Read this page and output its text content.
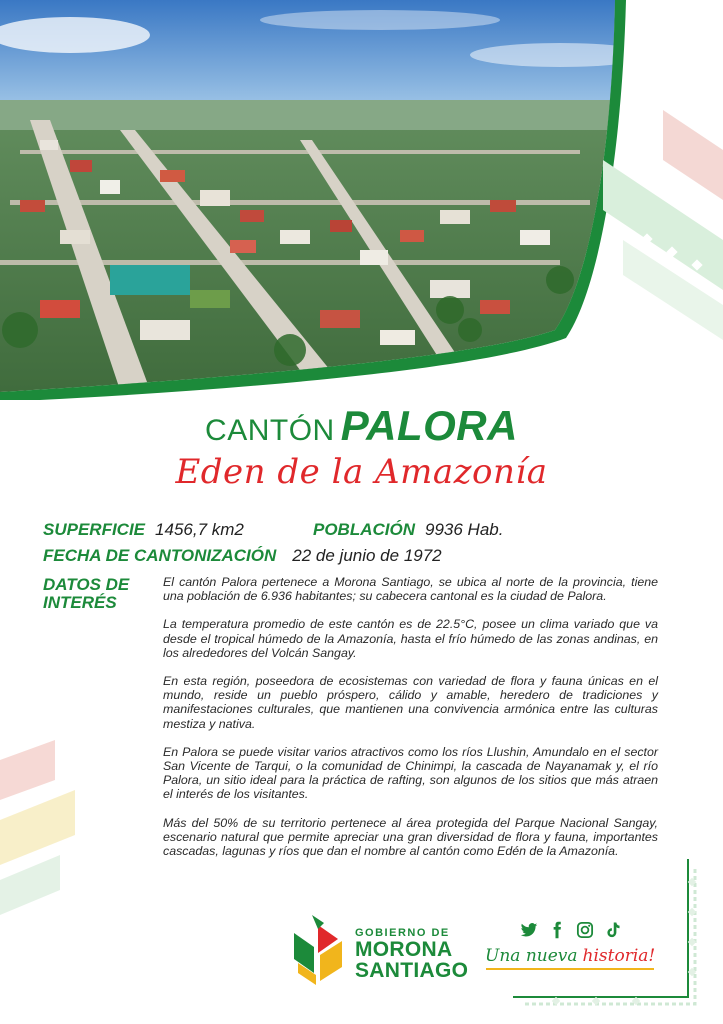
CANTÓN PALORA
Eden de la Amazonía
SUPERFICIE 1456,7 km2	POBLACIÓN 9936 Hab.
FECHA DE CANTONIZACIÓN 22 de junio de 1972
DATOS DE INTERÉS

El cantón Palora pertenece a Morona Santiago, se ubica al norte de la provincia, tiene una población de 6.936 habitantes; su cabecera cantonal es la ciudad de Palora.

La temperatura promedio de este cantón es de 22.5°C, posee un clima variado que va desde el tropical húmedo de la Amazonía, hasta el frío húmedo de las zonas andinas, en los alrededores del Volcán Sangay.

En esta región, poseedora de ecosistemas con variedad de flora y fauna únicas en el mundo, reside un pueblo próspero, cálido y amable, heredero de tradiciones y manifestaciones culturales, que mantienen una convivencia armónica entre las culturas mestiza y nativa.

En Palora se puede visitar varios atractivos como los ríos Llushin, Amundalo en el sector San Vicente de Tarqui, o la comunidad de Chinimpi, la cascada de Nayanamak y, el río Palora, un sitio ideal para la práctica de rafting, son algunos de los sitios que más atraen el interés de los visitantes.

Más del 50% de su territorio pertenece al área protegida del Parque Nacional Sangay, escenario natural que permite apreciar una gran diversidad de flora y fauna, importantes cascadas, lagunas y ríos que dan el nombre al cantón como Edén de la Amazonía.

GOBIERNO DE
MORONA
SANTIAGO
Una nueva historia!
